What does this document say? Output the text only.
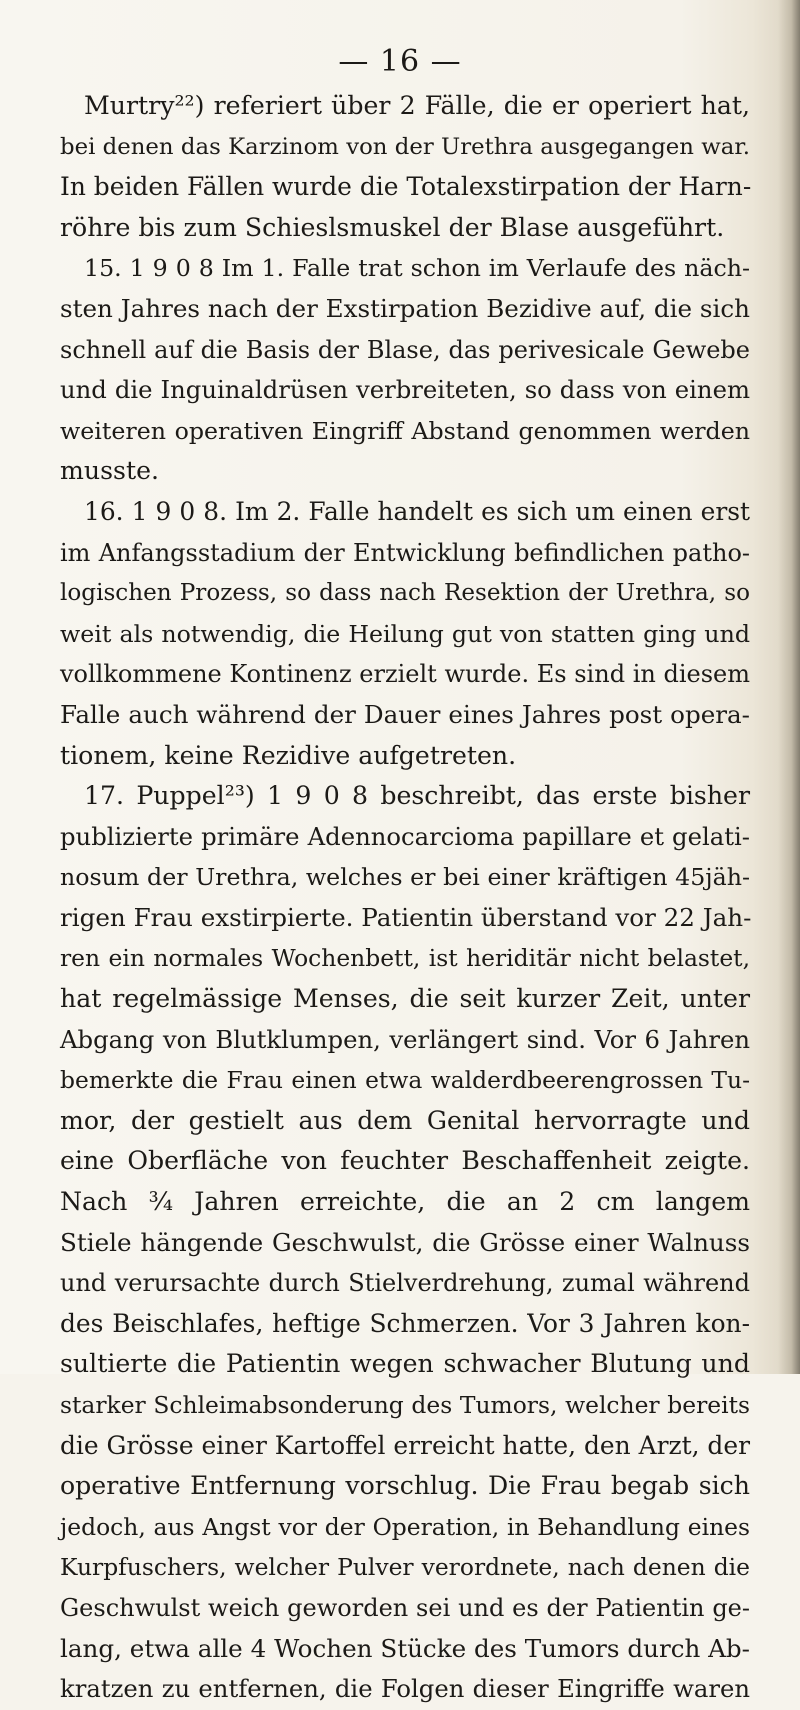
— 16 —
Murtry²²) referiert über 2 Fälle, die er operiert hat,
bei denen das Karzinom von der Urethra ausgegangen war.
In beiden Fällen wurde die Totalexstirpation der Harn-
röhre bis zum Schieslsmuskel der Blase ausgeführt.
15. 1 9 0 8 Im 1. Falle trat schon im Verlaufe des näch-
sten Jahres nach der Exstirpation Bezidive auf, die sich
schnell auf die Basis der Blase, das perivesicale Gewebe
und die Inguinaldrüsen verbreiteten, so dass von einem
weiteren operativen Eingriff Abstand genommen werden
musste.
16. 1 9 0 8. Im 2. Falle handelt es sich um einen erst
im Anfangsstadium der Entwicklung befindlichen patho-
logischen Prozess, so dass nach Resektion der Urethra, so
weit als notwendig, die Heilung gut von statten ging und
vollkommene Kontinenz erzielt wurde. Es sind in diesem
Falle auch während der Dauer eines Jahres post opera-
tionem, keine Rezidive aufgetreten.
17. Puppel²³) 1 9 0 8 beschreibt, das erste bisher
publizierte primäre Adennocarcioma papillare et gelati-
nosum der Urethra, welches er bei einer kräftigen 45jäh-
rigen Frau exstirpierte. Patientin überstand vor 22 Jah-
ren ein normales Wochenbett, ist heriditär nicht belastet,
hat regelmässige Menses, die seit kurzer Zeit, unter
Abgang von Blutklumpen, verlängert sind. Vor 6 Jahren
bemerkte die Frau einen etwa walderdbeerengrossen Tu-
mor, der gestielt aus dem Genital hervorragte und
eine Oberfläche von feuchter Beschaffenheit zeigte.
Nach ¾ Jahren erreichte, die an 2 cm langem
Stiele hängende Geschwulst, die Grösse einer Walnuss
und verursachte durch Stielverdrehung, zumal während
des Beischlafes, heftige Schmerzen. Vor 3 Jahren kon-
sultierte die Patientin wegen schwacher Blutung und
starker Schleimabsonderung des Tumors, welcher bereits
die Grösse einer Kartoffel erreicht hatte, den Arzt, der
operative Entfernung vorschlug. Die Frau begab sich
jedoch, aus Angst vor der Operation, in Behandlung eines
Kurpfuschers, welcher Pulver verordnete, nach denen die
Geschwulst weich geworden sei und es der Patientin ge-
lang, etwa alle 4 Wochen Stücke des Tumors durch Ab-
kratzen zu entfernen, die Folgen dieser Eingriffe waren
